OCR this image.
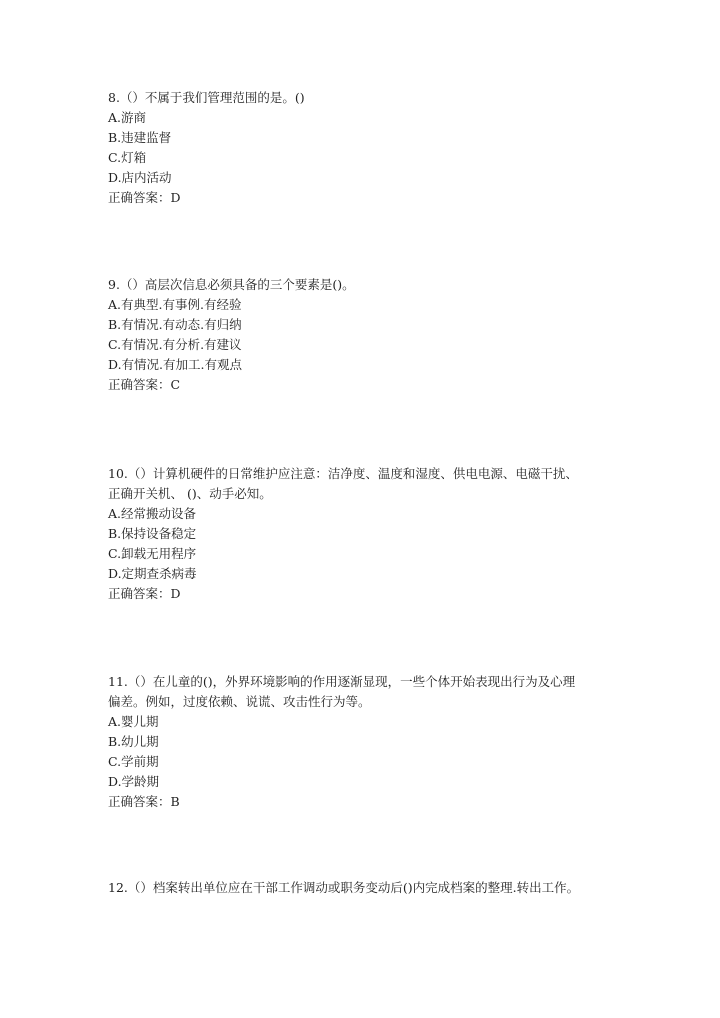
8.（）不属于我们管理范围的是。()

A.游商

B.违建监督

C.灯箱

D.店内活动

正确答案：D

9.（）高层次信息必须具备的三个要素是()。

A.有典型.有事例.有经验

B.有情况.有动态.有归纳

C.有情况.有分析.有建议

D.有情况.有加工.有观点

正确答案：C

10.（）计算机硬件的日常维护应注意：洁净度、温度和湿度、供电电源、电磁干扰、

正确开关机、 ()、动手必知。

A.经常搬动设备

B.保持设备稳定

C.卸载无用程序

D.定期查杀病毒

正确答案：D

11.（）在儿童的()，外界环境影响的作用逐渐显现，一些个体开始表现出行为及心理

偏差。例如，过度依赖、说谎、攻击性行为等。

A.婴儿期

B.幼儿期

C.学前期

D.学龄期

正确答案：B

12.（）档案转出单位应在干部工作调动或职务变动后()内完成档案的整理.转出工作。
